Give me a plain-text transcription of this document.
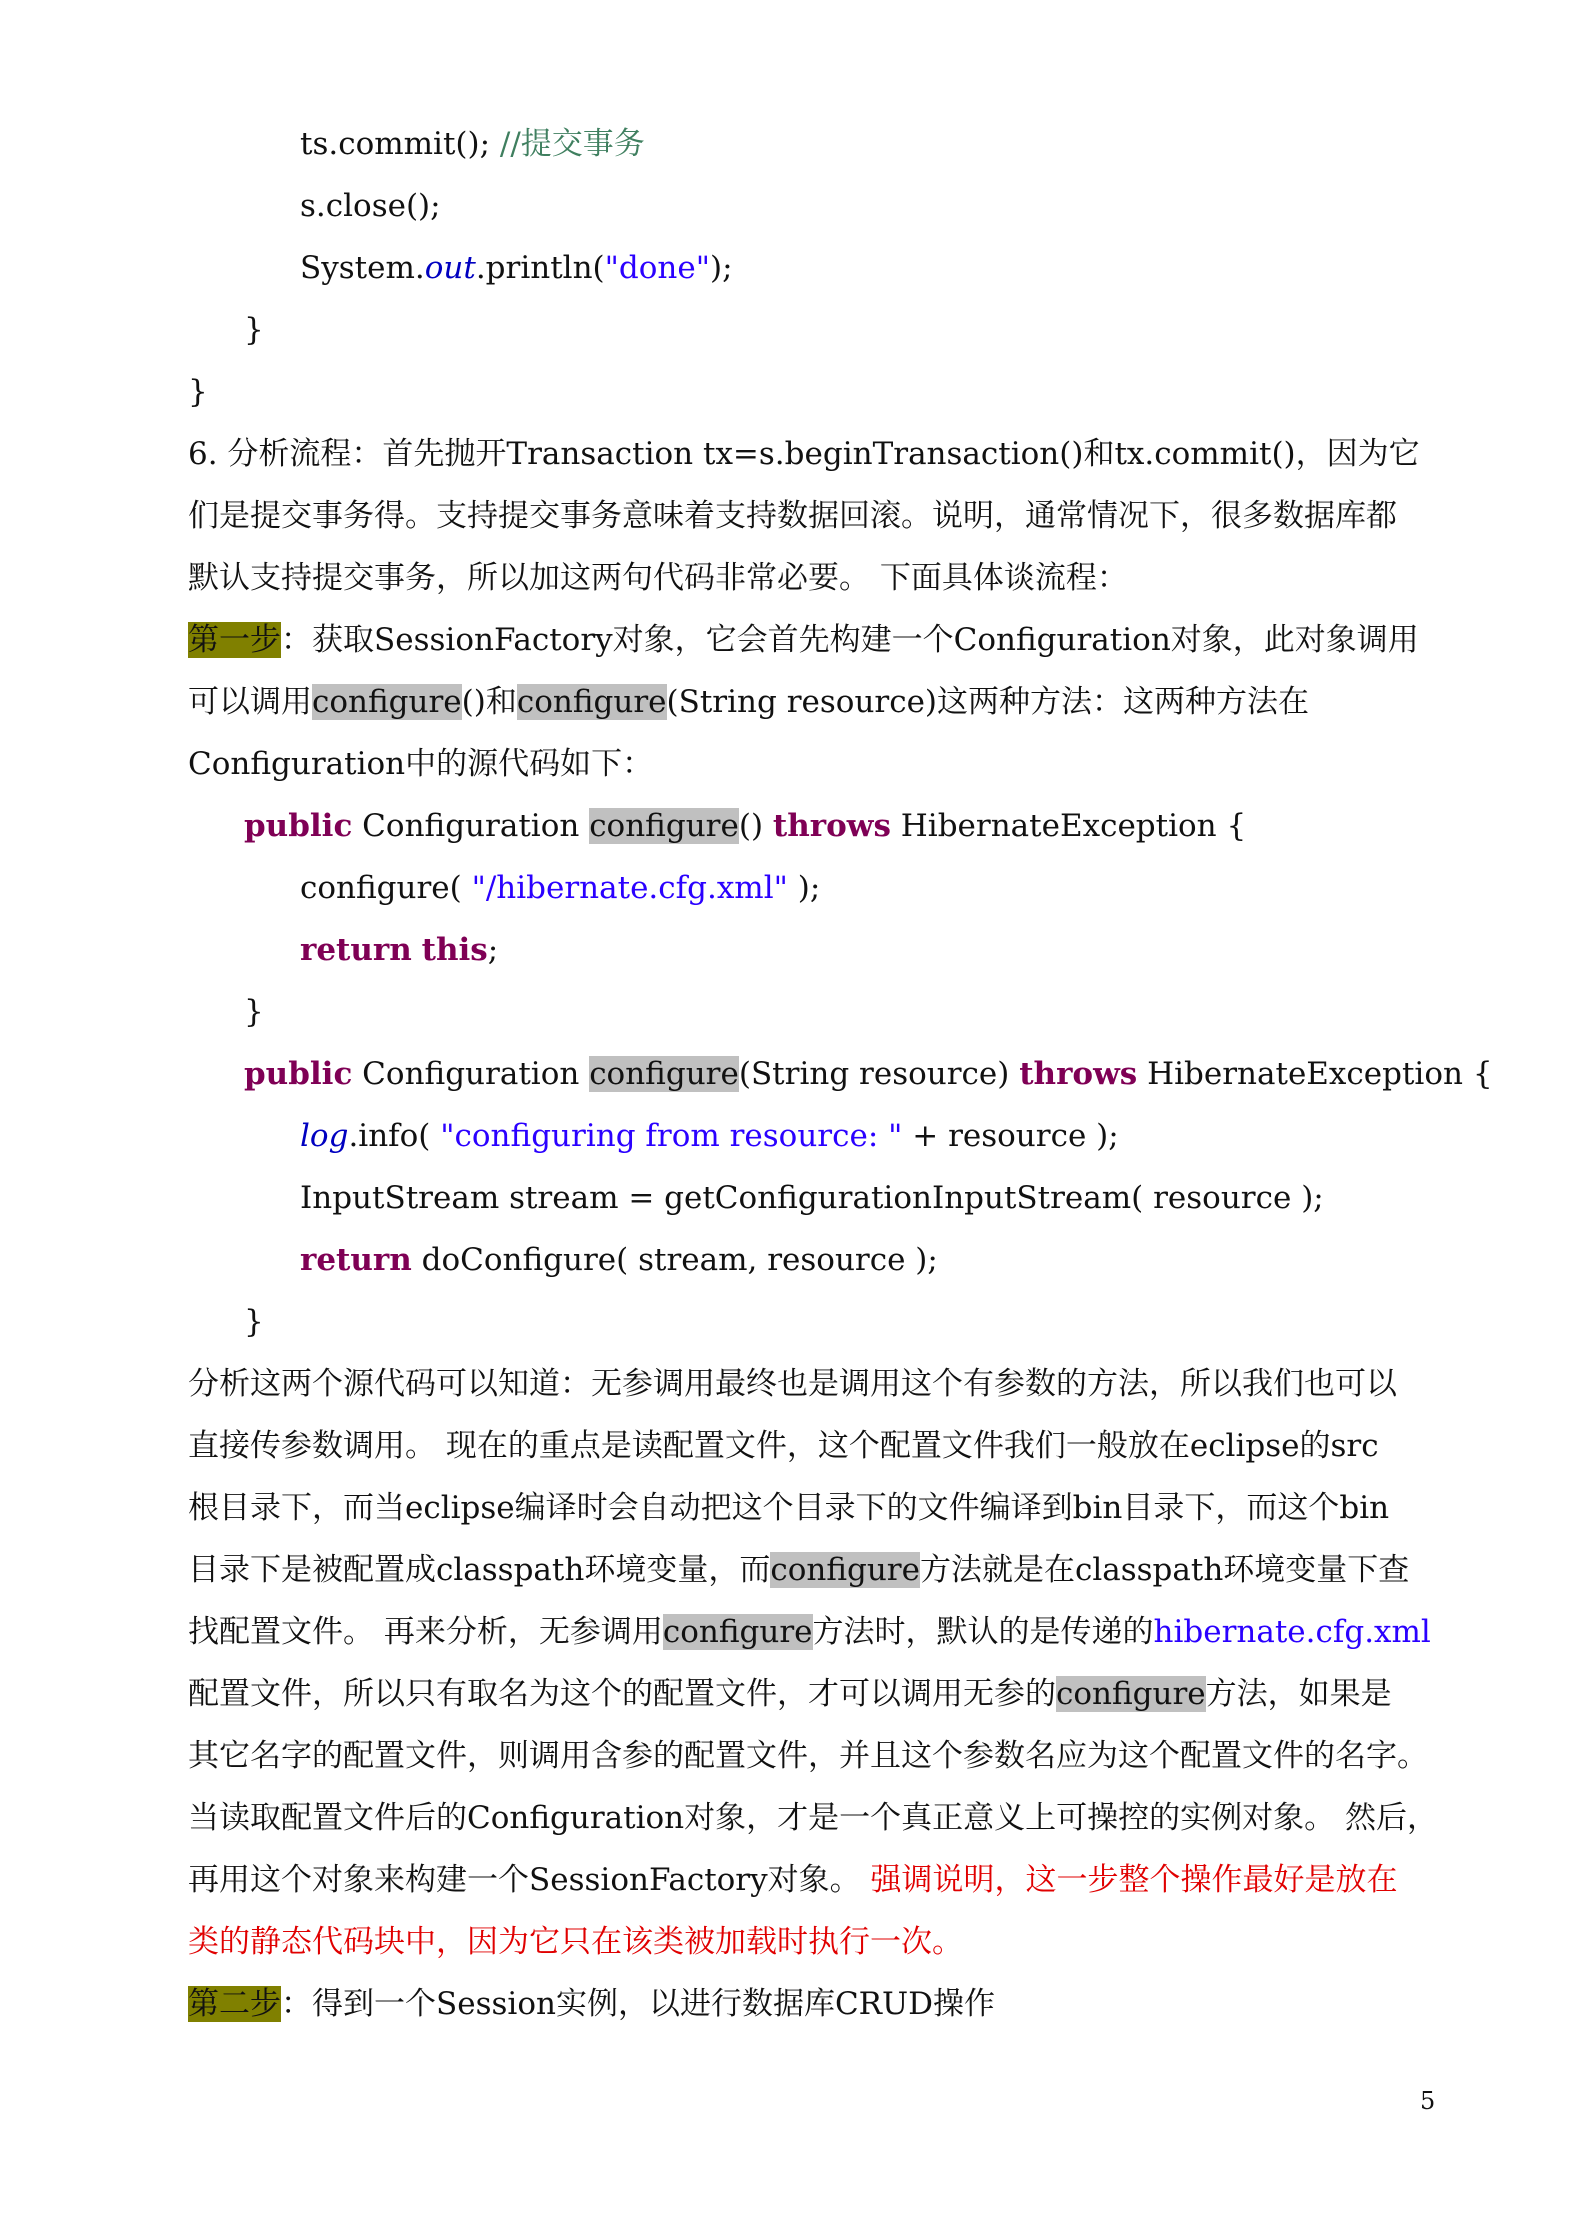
ts.commit(); //提交事务
s.close();
System.out.println("done");
}
}
6. 分析流程：首先抛开Transaction tx=s.beginTransaction()和tx.commit()，因为它
们是提交事务得。支持提交事务意味着支持数据回滚。说明，通常情况下，很多数据库都
默认支持提交事务，所以加这两句代码非常必要。 下面具体谈流程：
第一步：获取SessionFactory对象，它会首先构建一个Configuration对象，此对象调用
可以调用configure()和configure(String resource)这两种方法：这两种方法在
Configuration中的源代码如下：
public Configuration configure() throws HibernateException {
configure( "/hibernate.cfg.xml" );
return this;
}
public Configuration configure(String resource) throws HibernateException {
log.info( "configuring from resource: " + resource );
InputStream stream = getConfigurationInputStream( resource );
return doConfigure( stream, resource );
}
分析这两个源代码可以知道：无参调用最终也是调用这个有参数的方法，所以我们也可以
直接传参数调用。 现在的重点是读配置文件，这个配置文件我们一般放在eclipse的src
根目录下，而当eclipse编译时会自动把这个目录下的文件编译到bin目录下，而这个bin
目录下是被配置成classpath环境变量，而configure方法就是在classpath环境变量下查
找配置文件。 再来分析，无参调用configure方法时，默认的是传递的hibernate.cfg.xml
配置文件，所以只有取名为这个的配置文件，才可以调用无参的configure方法，如果是
其它名字的配置文件，则调用含参的配置文件，并且这个参数名应为这个配置文件的名字。
当读取配置文件后的Configuration对象，才是一个真正意义上可操控的实例对象。 然后，
再用这个对象来构建一个SessionFactory对象。 强调说明，这一步整个操作最好是放在
类的静态代码块中，因为它只在该类被加载时执行一次。
第二步：得到一个Session实例，以进行数据库CRUD操作
5
